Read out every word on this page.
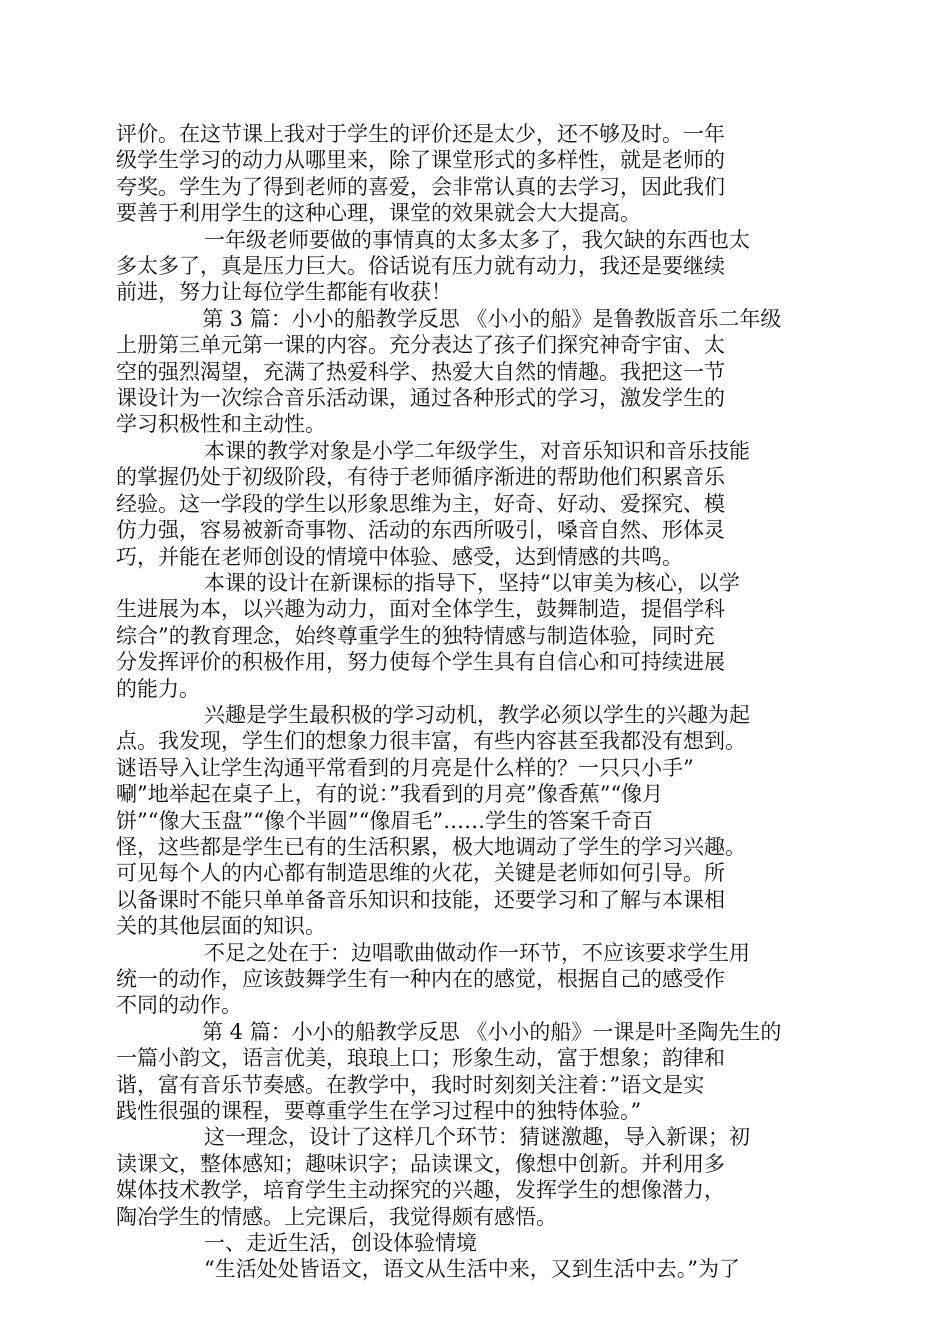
评价。在这节课上我对于学生的评价还是太少，还不够及时。一年
级学生学习的动力从哪里来，除了课堂形式的多样性，就是老师的
夸奖。学生为了得到老师的喜爱，会非常认真的去学习，因此我们
要善于利用学生的这种心理，课堂的效果就会大大提高。

一年级老师要做的事情真的太多太多了，我欠缺的东西也太
多太多了，真是压力巨大。俗话说有压力就有动力，我还是要继续
前进，努力让每位学生都能有收获！

第 3 篇：小小的船教学反思 《小小的船》是鲁教版音乐二年级
上册第三单元第一课的内容。充分表达了孩子们探究神奇宇宙、太
空的强烈渴望，充满了热爱科学、热爱大自然的情趣。我把这一节
课设计为一次综合音乐活动课，通过各种形式的学习，激发学生的
学习积极性和主动性。

本课的教学对象是小学二年级学生，对音乐知识和音乐技能
的掌握仍处于初级阶段，有待于老师循序渐进的帮助他们积累音乐
经验。这一学段的学生以形象思维为主，好奇、好动、爱探究、模
仿力强，容易被新奇事物、活动的东西所吸引，嗓音自然、形体灵
巧，并能在老师创设的情境中体验、感受，达到情感的共鸣。

本课的设计在新课标的指导下，坚持“以审美为核心，以学
生进展为本，以兴趣为动力，面对全体学生，鼓舞制造，提倡学科
综合”的教育理念，始终尊重学生的独特情感与制造体验，同时充
分发挥评价的积极作用，努力使每个学生具有自信心和可持续进展
的能力。

兴趣是学生最积极的学习动机，教学必须以学生的兴趣为起
点。我发现，学生们的想象力很丰富，有些内容甚至我都没有想到。
谜语导入让学生沟通平常看到的月亮是什么样的？一只只小手”
唰”地举起在桌子上，有的说：”我看到的月亮”像香蕉”“像月
饼”“像大玉盘”“像个半圆”“像眉毛”……学生的答案千奇百
怪，这些都是学生已有的生活积累，极大地调动了学生的学习兴趣。
可见每个人的内心都有制造思维的火花，关键是老师如何引导。所
以备课时不能只单单备音乐知识和技能，还要学习和了解与本课相
关的其他层面的知识。

不足之处在于：边唱歌曲做动作一环节，不应该要求学生用
统一的动作，应该鼓舞学生有一种内在的感觉，根据自己的感受作
不同的动作。

第 4 篇：小小的船教学反思 《小小的船》一课是叶圣陶先生的
一篇小韵文，语言优美，琅琅上口；形象生动，富于想象；韵律和
谐，富有音乐节奏感。在教学中，我时时刻刻关注着：”语文是实
践性很强的课程，要尊重学生在学习过程中的独特体验。”

这一理念，设计了这样几个环节：猜谜激趣，导入新课；初
读课文，整体感知；趣味识字；品读课文，像想中创新。并利用多
媒体技术教学，培育学生主动探究的兴趣，发挥学生的想像潜力，
陶冶学生的情感。上完课后，我觉得颇有感悟。

一、走近生活，创设体验情境

“生活处处皆语文，语文从生活中来，又到生活中去。”为了
